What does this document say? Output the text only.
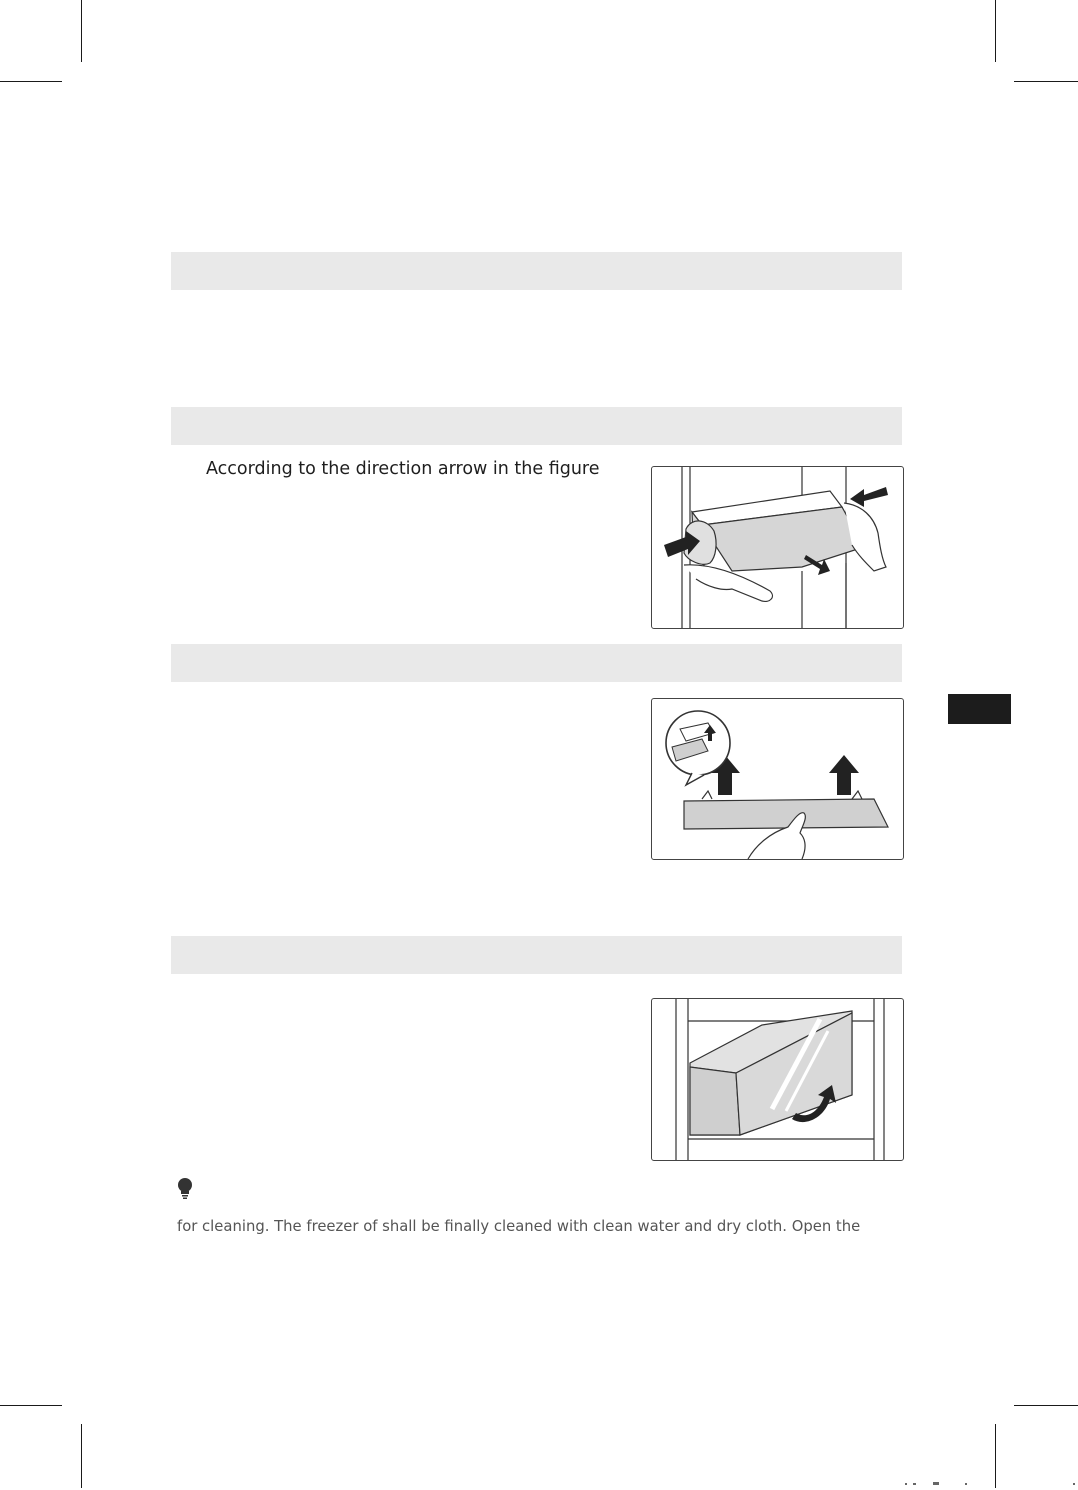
According to the direction arrow in the figure
for cleaning. The freezer of shall be finally cleaned with clean water and dry cloth. Open the
